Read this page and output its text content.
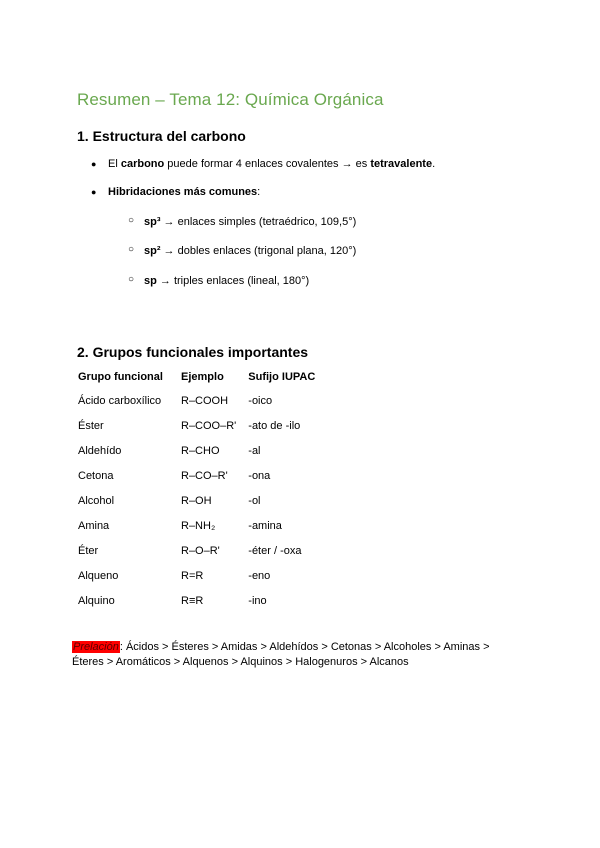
Resumen – Tema 12: Química Orgánica
1. Estructura del carbono
● El carbono puede formar 4 enlaces covalentes → es tetravalente.
● Hibridaciones más comunes:
○ sp³ → enlaces simples (tetraédrico, 109,5°)
○ sp² → dobles enlaces (trigonal plana, 120°)
○ sp → triples enlaces (lineal, 180°)
2. Grupos funcionales importantes
Grupo funcional	Ejemplo	Sufijo IUPAC
Ácido carboxílico	R–COOH	-oico
Éster	R–COO–R'	-ato de -ilo
Aldehído	R–CHO	-al
Cetona	R–CO–R'	-ona
Alcohol	R–OH	-ol
Amina	R–NH₂	-amina
Éter	R–O–R'	-éter / -oxa
Alqueno	R=R	-eno
Alquino	R≡R	-ino

Prelación: Ácidos > Ésteres > Amidas > Aldehídos > Cetonas > Alcoholes > Aminas > Éteres > Aromáticos > Alquenos > Alquinos > Halogenuros > Alcanos
